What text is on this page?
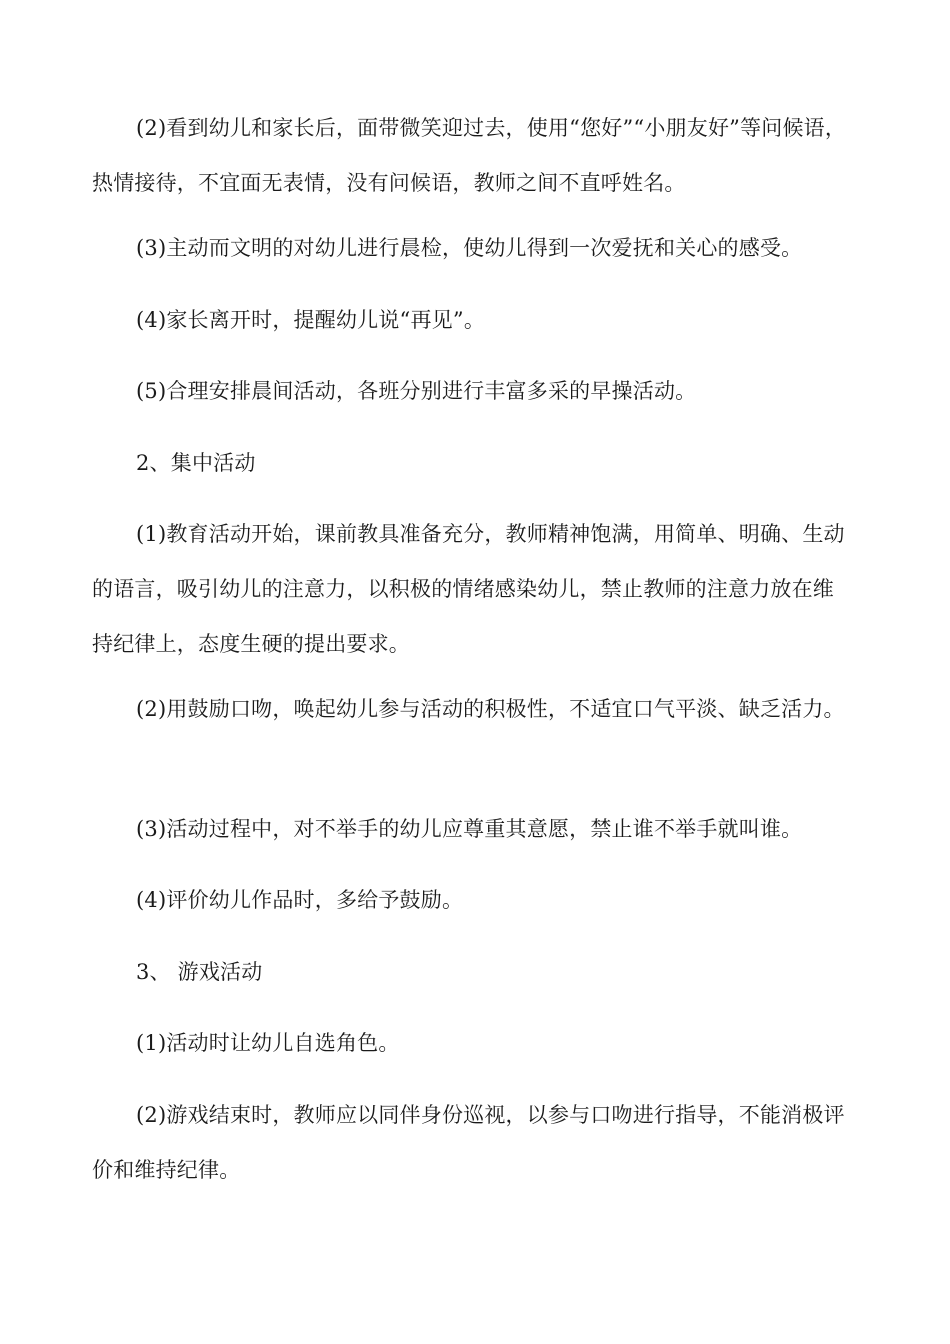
(2)看到幼儿和家长后，面带微笑迎过去，使用“您好”“小朋友好”等问候语，热情接待，不宜面无表情，没有问候语，教师之间不直呼姓名。

(3)主动而文明的对幼儿进行晨检，使幼儿得到一次爱抚和关心的感受。

(4)家长离开时，提醒幼儿说“再见”。

(5)合理安排晨间活动，各班分别进行丰富多采的早操活动。

2、集中活动

(1)教育活动开始，课前教具准备充分，教师精神饱满，用简单、明确、生动的语言，吸引幼儿的注意力，以积极的情绪感染幼儿，禁止教师的注意力放在维持纪律上，态度生硬的提出要求。

(2)用鼓励口吻，唤起幼儿参与活动的积极性，不适宜口气平淡、缺乏活力。

(3)活动过程中，对不举手的幼儿应尊重其意愿，禁止谁不举手就叫谁。

(4)评价幼儿作品时，多给予鼓励。

3、 游戏活动

(1)活动时让幼儿自选角色。

(2)游戏结束时，教师应以同伴身份巡视，以参与口吻进行指导，不能消极评价和维持纪律。
